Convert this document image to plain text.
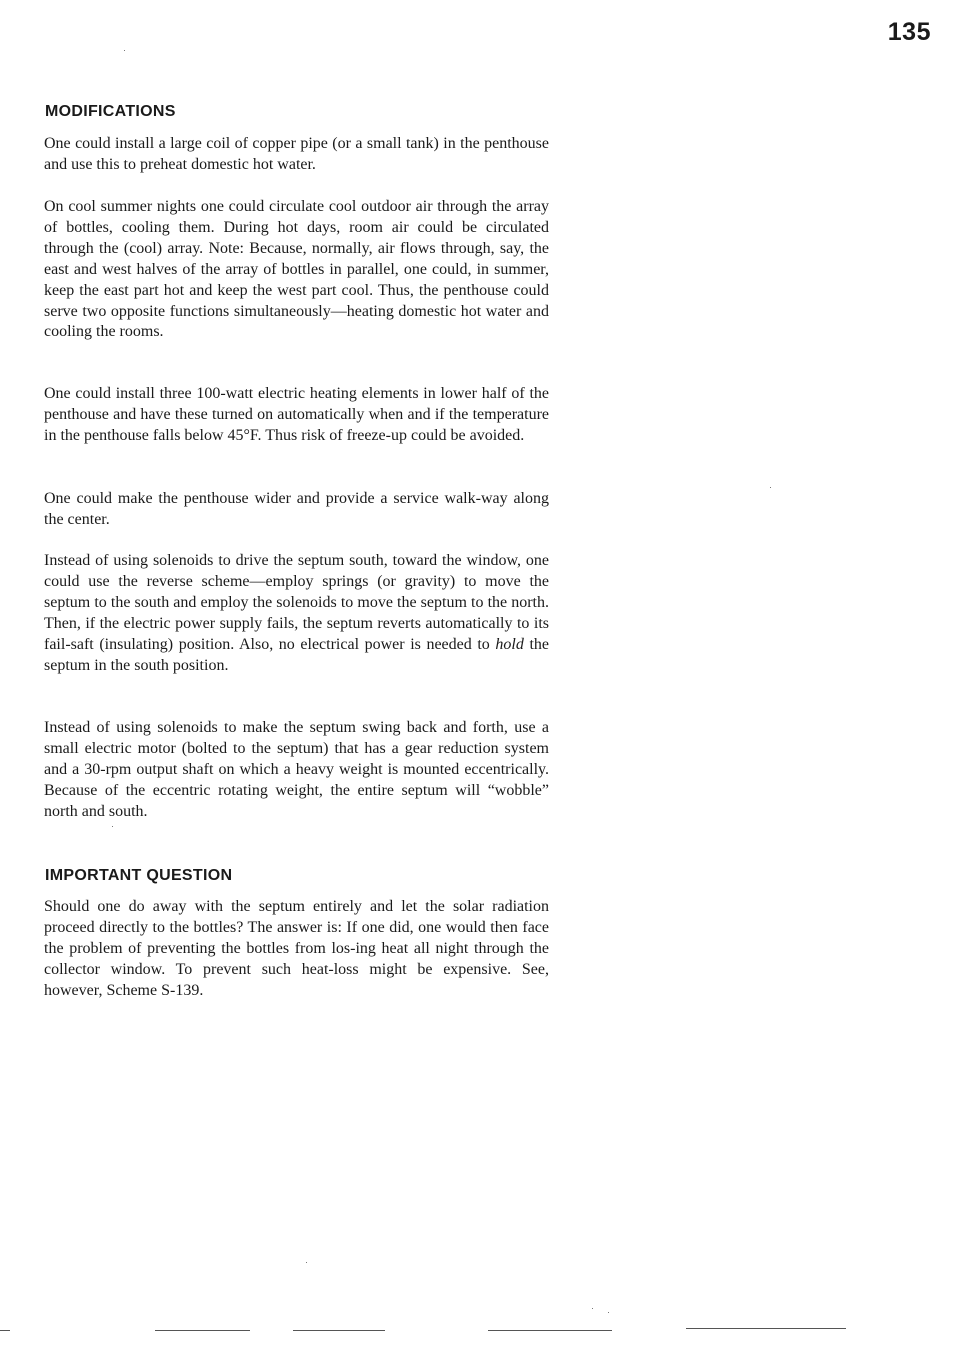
135
MODIFICATIONS

One could install a large coil of copper pipe (or a small tank) in the penthouse and use this to preheat domestic hot water.

On cool summer nights one could circulate cool outdoor air through the array of bottles, cooling them. During hot days, room air could be circulated through the (cool) array. Note: Because, normally, air flows through, say, the east and west halves of the array of bottles in parallel, one could, in summer, keep the east part hot and keep the west part cool. Thus, the penthouse could serve two opposite functions simultaneously—heating domestic hot water and cooling the rooms.

One could install three 100-watt electric heating elements in lower half of the penthouse and have these turned on automatically when and if the temperature in the penthouse falls below 45°F. Thus risk of freeze-up could be avoided.

One could make the penthouse wider and provide a service walk-way along the center.

Instead of using solenoids to drive the septum south, toward the window, one could use the reverse scheme—employ springs (or gravity) to move the septum to the south and employ the solenoids to move the septum to the north. Then, if the electric power supply fails, the septum reverts automatically to its fail-saft (insulating) position. Also, no electrical power is needed to hold the septum in the south position.

Instead of using solenoids to make the septum swing back and forth, use a small electric motor (bolted to the septum) that has a gear reduction system and a 30-rpm output shaft on which a heavy weight is mounted eccentrically. Because of the eccentric rotating weight, the entire septum will “wobble” north and south.

IMPORTANT QUESTION

Should one do away with the septum entirely and let the solar radiation proceed directly to the bottles? The answer is: If one did, one would then face the problem of preventing the bottles from los-ing heat all night through the collector window. To prevent such heat-loss might be expensive. See, however, Scheme S-139.
